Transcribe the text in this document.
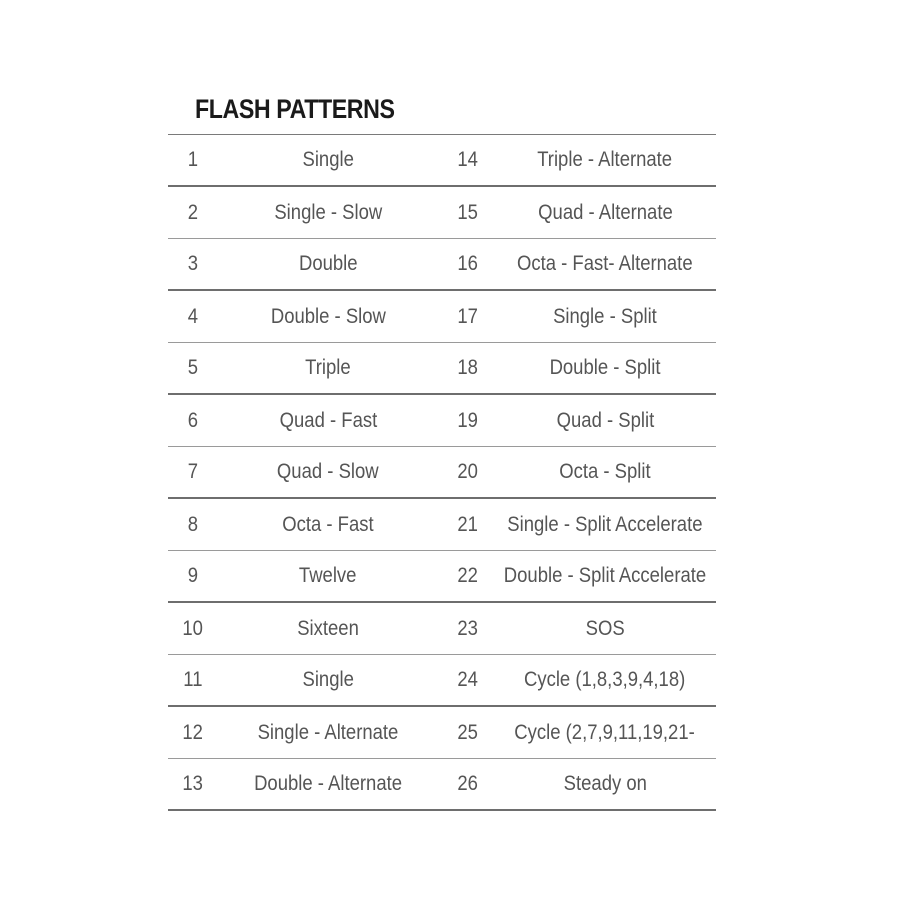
FLASH PATTERNS
1	Single	14	Triple - Alternate
2	Single - Slow	15	Quad - Alternate
3	Double	16 Octa - Fast- Alternate
4	Double - Slow	17	Single - Split
5	Triple	18	Double - Split
6	Quad - Fast	19	Quad - Split
7	Quad - Slow	20	Octa - Split
8	Octa - Fast	21 Single - Split Accelerate
9	Twelve	22 Double - Split Accelerate
10	Sixteen	23	SOS
11	Single	24 Cycle (1,8,3,9,4,18)
12	Single - Alternate	25 Cycle (2,7,9,11,19,21-
13 Double - Alternate	26	Steady on
